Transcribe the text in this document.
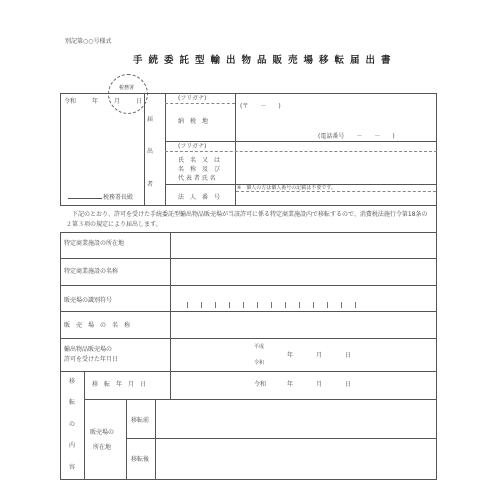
別記第○○号様式
手続委託型輸出物品販売場移転届出書
税務署
令和	年	月	日
届
出
者
(フリガナ)
納　税　地
(〒　　－　　)
(電話番号　　－　　－　　)
(フリガナ)
氏　名　又　は
名　称　及　び
代 表 者 氏 名
※　個人の方は個人番号の記載は不要です。
法　人　番　号
税務署長殿
下記のとおり、許可を受けた手続委託型輸出物品販売場が当該許可に係る特定商業施設内で移転するので、消費税法施行令第18条の２第３項の規定により届出します。
特定商業施設の所在地
特定商業施設の名称
販売場の識別符号
販　売　場　の　名　称
輸出物品販売場の
許可を受けた年月日
平成
令和
年	月	日
移
転
の
内
容
移　転　年　月　日	令和	年	月	日
販売場の
所在地
移転前
移転後
